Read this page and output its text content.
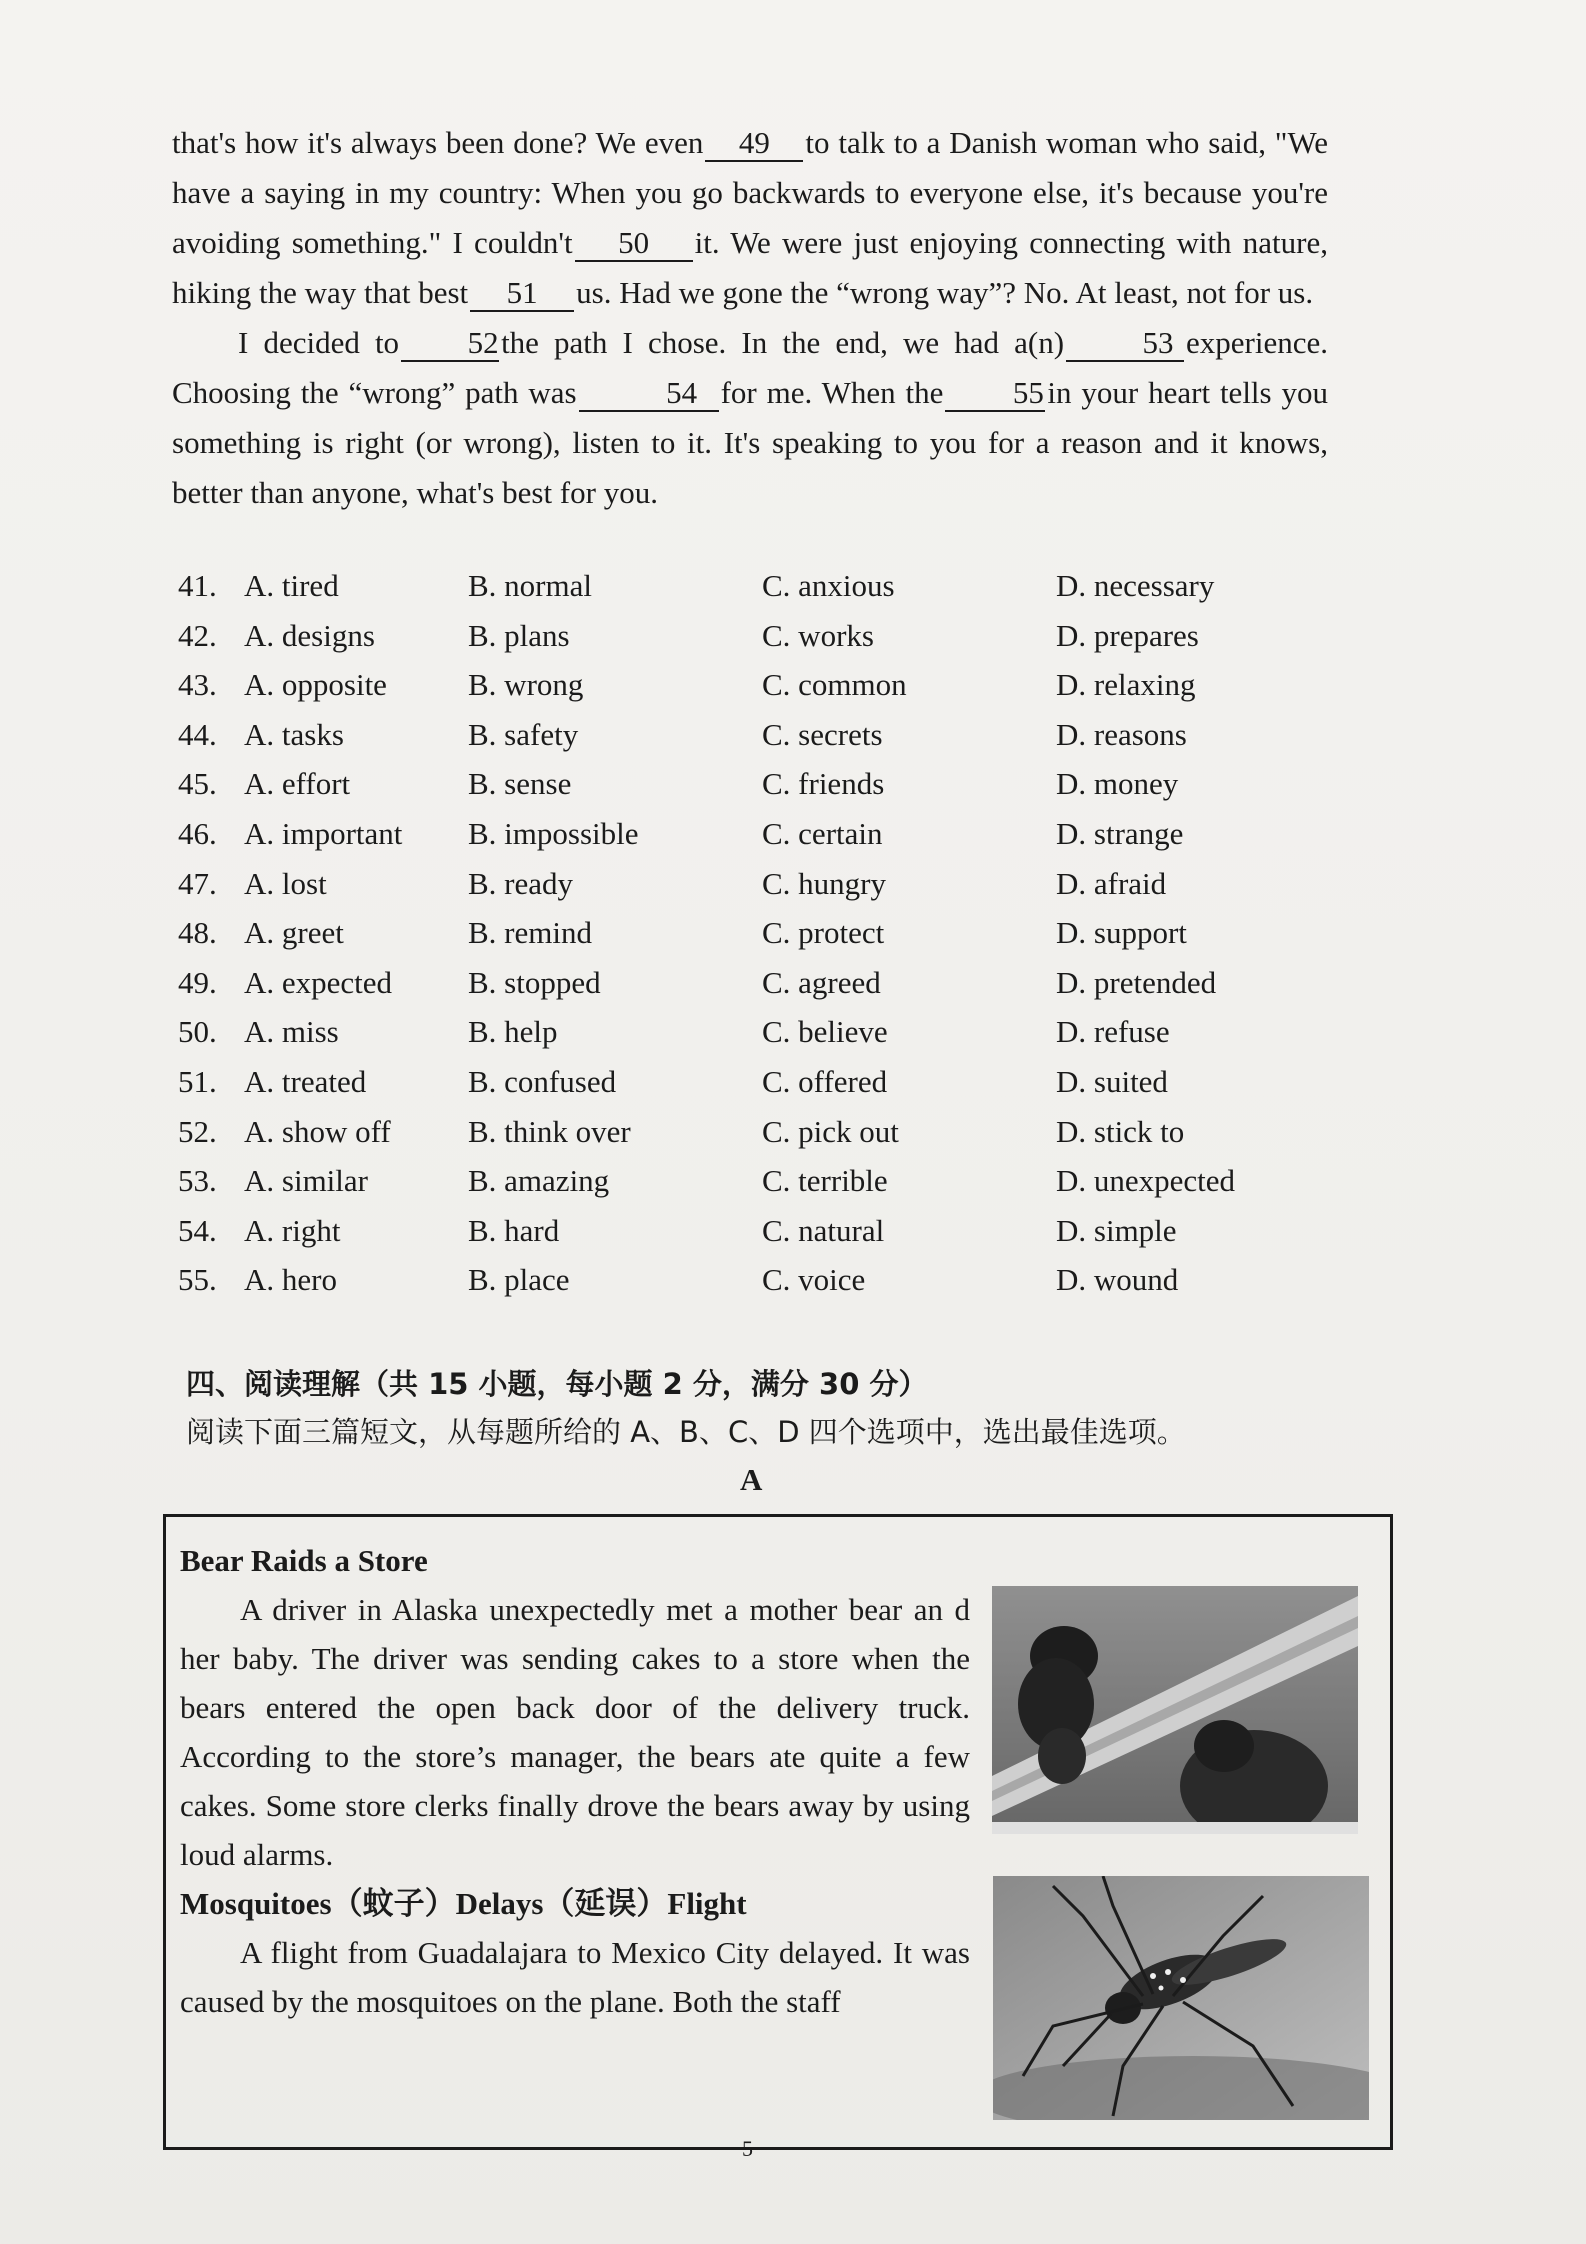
that's how it's always been done? We even 49 to talk to a Danish woman who said, "We have a saying in my country: When you go backwards to everyone else, it's because you're avoiding something." I couldn't 50 it. We were just enjoying connecting with nature, hiking the way that best 51 us. Had we gone the “wrong way”? No. At least, not for us.

I decided to 52the path I chose. In the end, we had a(n)	53 experience. Choosing the “wrong” path was	54 for me. When the 55 in your heart tells you something is right (or wrong), listen to it. It's speaking to you for a reason and it knows, better than anyone, what's best for you.

41. A. tired	B. normal	C. anxious	D. necessary
42. A. designs	B. plans	C. works	D. prepares
43. A. opposite	B. wrong	C. common	D. relaxing
44. A. tasks	B. safety	C. secrets	D. reasons
45. A. effort	B. sense	C. friends	D. money
46. A. important B. impossible	C. certain	D. strange
47. A. lost	B. ready	C. hungry	D. afraid
48. A. greet	B. remind	C. protect	D. support
49. A. expected B. stopped	C. agreed	D. pretended
50. A. miss	B. help	C. believe	D. refuse
51. A. treated	B. confused	C. offered	D. suited
52. A. show off B. think over	C. pick out	D. stick to
53. A. similar	B. amazing	C. terrible	D. unexpected
54. A. right	B. hard	C. natural	D. simple
55. A. hero	B. place	C. voice	D. wound
四、阅读理解（共 15 小题，每小题 2 分，满分 30 分）
阅读下面三篇短文，从每题所给的 A、B、C、D 四个选项中，选出最佳选项。
A
Bear Raids a Store

A driver in Alaska unexpectedly met a mother bear an d her baby. The driver was sending cakes to a store when the bears entered the open back door of the delivery truck. According to the store’s manager, the bears ate quite a few cakes. Some store clerks finally drove the bears away by using loud alarms.

Mosquitoes（蚊子）Delays（延误）Flight

A flight from Guadalajara to Mexico City delayed. It was caused by the mosquitoes on the plane. Both the staff

5
